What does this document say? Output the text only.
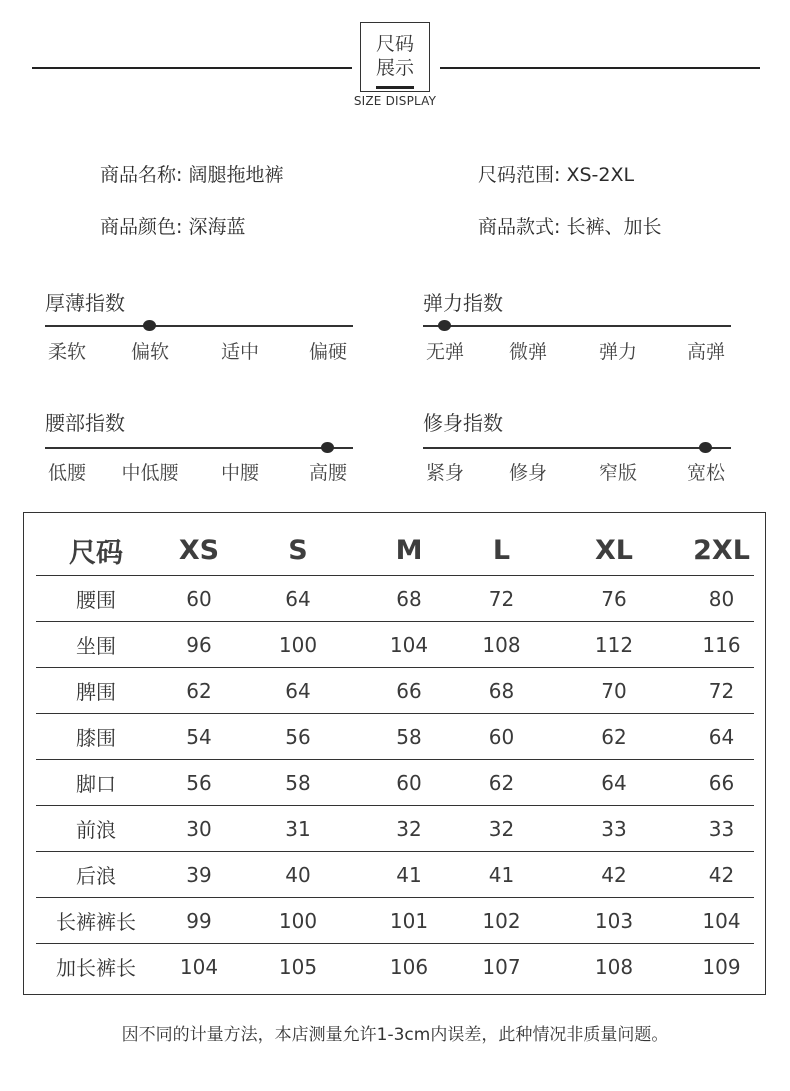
尺码
展示
SIZE DISPLAY
商品名称: 阔腿拖地裤	尺码范围: XS-2XL
商品颜色: 深海蓝	商品款式: 长裤、加长
厚薄指数
柔软 偏软	适中	偏硬
弹力指数
无弹 微弹	弹力	高弹
腰部指数
低腰 中低腰 中腰	高腰
修身指数
紧身 修身	窄版	宽松
尺码	XS	S	M	L	XL	2XL
腰围	60	64	68	72	76	80
坐围	96	100	104	108	112	116
脾围	62	64	66	68	70	72
膝围	54	56	58	60	62	64
脚口	56	58	60	62	64	66
前浪	30	31	32	32	33	33
后浪	39	40	41	41	42	42
长裤裤长	99	100	101	102	103	104
加长裤长	104	105	106	107	108	109
因不同的计量方法，本店测量允许1-3cm内误差，此种情况非质量问题。
